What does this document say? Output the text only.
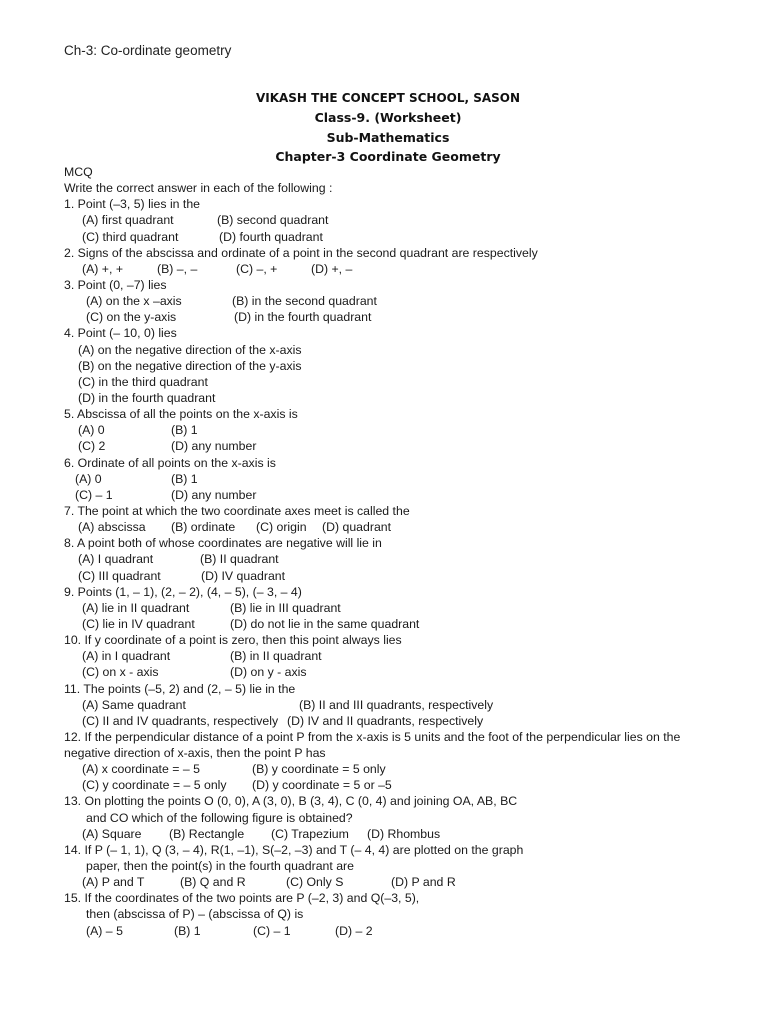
Ch-3: Co-ordinate geometry
VIKASH THE CONCEPT SCHOOL, SASON
Class-9. (Worksheet)
Sub-Mathematics
Chapter-3 Coordinate Geometry
MCQ
Write the correct answer in each of the following :
1. Point (–3, 5) lies in the
(A) first quadrant	(B) second quadrant
(C) third quadrant	(D) fourth quadrant
2. Signs of the abscissa and ordinate of a point in the second quadrant are respectively
(A) +, +	(B) –, –	(C) –, +	(D) +, –
3. Point (0, –7) lies
(A) on the x –axis	(B) in the second quadrant
(C) on the y-axis	(D) in the fourth quadrant
4. Point (– 10, 0) lies
(A) on the negative direction of the x-axis
(B) on the negative direction of the y-axis
(C) in the third quadrant
(D) in the fourth quadrant
5. Abscissa of all the points on the x-axis is
(A) 0	(B) 1
(C) 2	(D) any number
6. Ordinate of all points on the x-axis is
(A) 0	(B) 1
(C) – 1	(D) any number
7. The point at which the two coordinate axes meet is called the
(A) abscissa (B) ordinate (C) origin (D) quadrant
8. A point both of whose coordinates are negative will lie in
(A) I quadrant	(B) II quadrant
(C) III quadrant	(D) IV quadrant
9. Points (1, – 1), (2, – 2), (4, – 5), (– 3, – 4)
(A) lie in II quadrant	(B) lie in III quadrant
(C) lie in IV quadrant	(D) do not lie in the same quadrant
10. If y coordinate of a point is zero, then this point always lies
(A) in I quadrant	(B) in II quadrant
(C) on x - axis	(D) on y - axis
11. The points (–5, 2) and (2, – 5) lie in the
(A) Same quadrant	(B) II and III quadrants, respectively
(C) II and IV quadrants, respectively (D) IV and II quadrants, respectively
12. If the perpendicular distance of a point P from the x-axis is 5 units and the foot of the perpendicular lies on the
negative direction of x-axis, then the point P has
(A) x coordinate = – 5	(B) y coordinate = 5 only
(C) y coordinate = – 5 only (D) y coordinate = 5 or –5
13. On plotting the points O (0, 0), A (3, 0), B (3, 4), C (0, 4) and joining OA, AB, BC
and CO which of the following figure is obtained?
(A) Square (B) Rectangle (C) Trapezium (D) Rhombus
14. If P (– 1, 1), Q (3, – 4), R(1, –1), S(–2, –3) and T (– 4, 4) are plotted on the graph
paper, then the point(s) in the fourth quadrant are
(A) P and T	(B) Q and R	(C) Only S	(D) P and R
15. If the coordinates of the two points are P (–2, 3) and Q(–3, 5),
then (abscissa of P) – (abscissa of Q) is
(A) – 5	(B) 1	(C) – 1	(D) – 2
